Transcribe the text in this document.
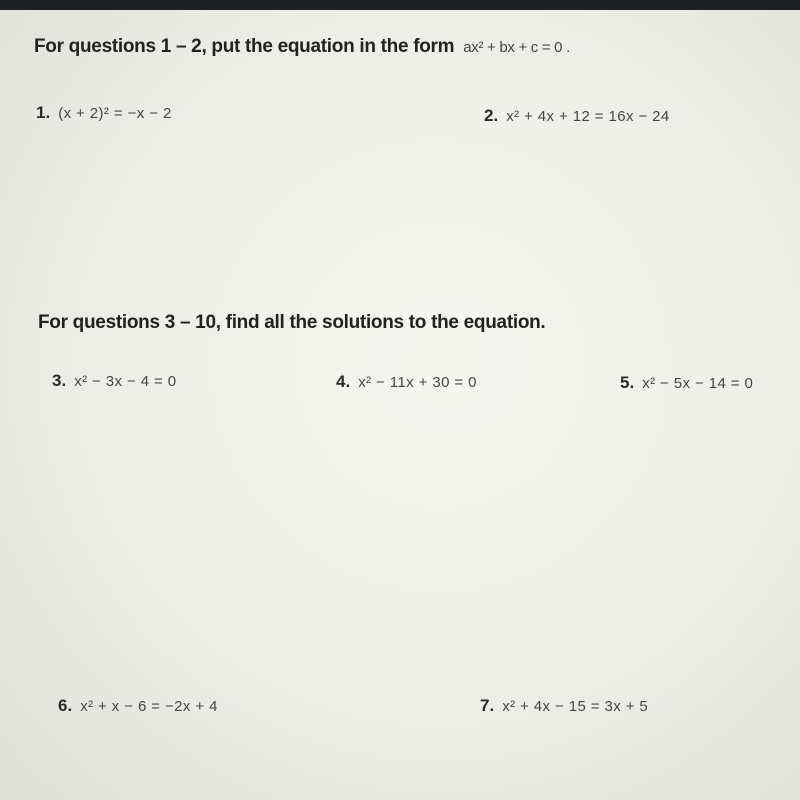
For questions 1 – 2, put the equation in the form ax² + bx + c = 0 .
1. (x + 2)² = −x − 2	2. x² + 4x + 12 = 16x − 24
For questions 3 – 10, find all the solutions to the equation.
3. x² − 3x − 4 = 0	4. x² − 11x + 30 = 0	5. x² − 5x − 14 = 0
6. x² + x − 6 = −2x + 4	7. x² + 4x − 15 = 3x + 5
